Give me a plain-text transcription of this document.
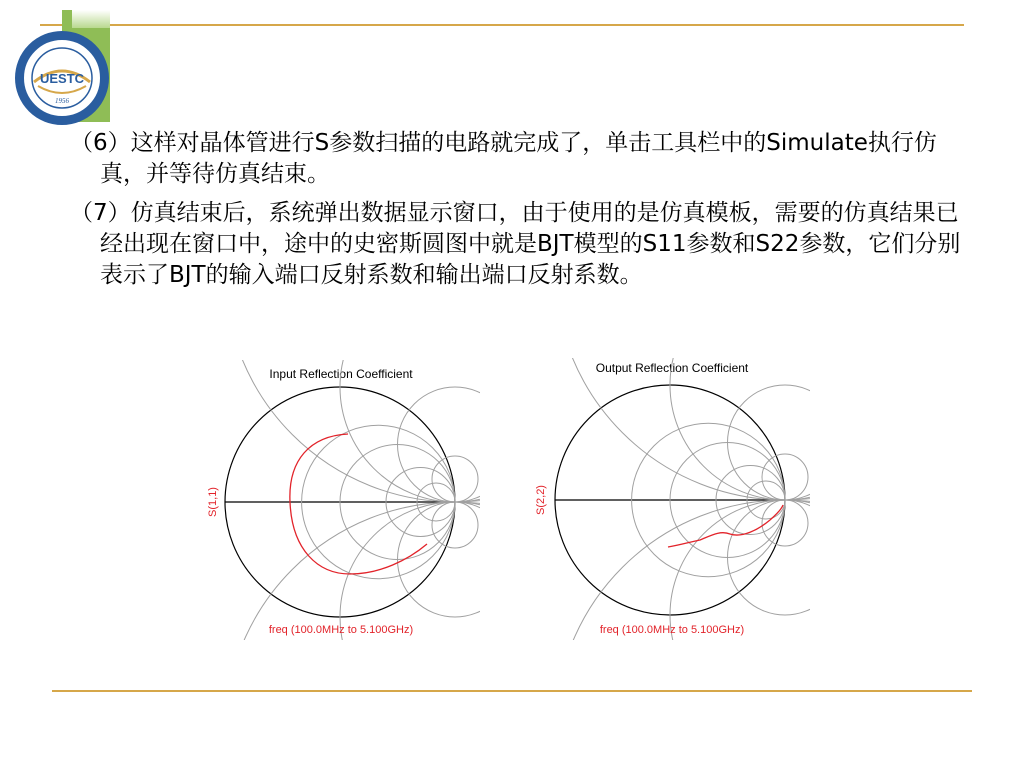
UESTC
1956

（6）这样对晶体管进行S参数扫描的电路就完成了，单击工具栏中的Simulate执行仿真，并等待仿真结束。

（7）仿真结束后，系统弹出数据显示窗口，由于使用的是仿真模板，需要的仿真结果已经出现在窗口中，途中的史密斯圆图中就是BJT模型的S11参数和S22参数，它们分别表示了BJT的输入端口反射系数和输出端口反射系数。

Input Reflection Coefficient
S(1,1)
freq (100.0MHz to 5.100GHz)
Output Reflection Coefficient
S(2,2)
freq (100.0MHz to 5.100GHz)
